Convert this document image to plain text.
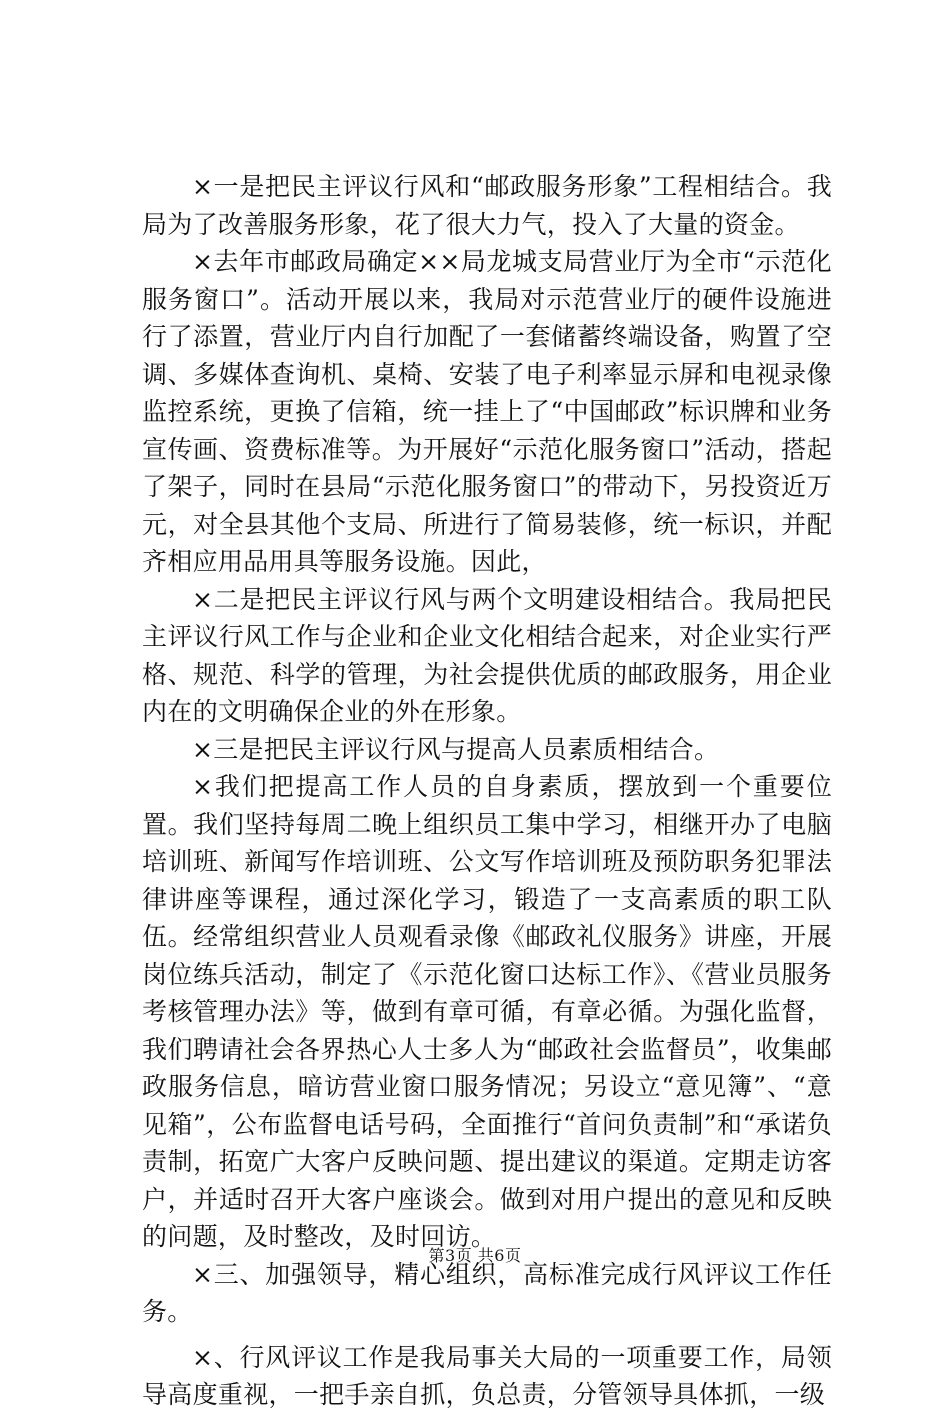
×一是把民主评议行风和“邮政服务形象”工程相结合。我局为了改善服务形象，花了很大力气，投入了大量的资金。

×去年市邮政局确定××局龙城支局营业厅为全市“示范化服务窗口”。活动开展以来，我局对示范营业厅的硬件设施进行了添置，营业厅内自行加配了一套储蓄终端设备，购置了空调、多媒体查询机、桌椅、安装了电子利率显示屏和电视录像监控系统，更换了信箱，统一挂上了“中国邮政”标识牌和业务宣传画、资费标准等。为开展好“示范化服务窗口”活动，搭起了架子，同时在县局“示范化服务窗口”的带动下，另投资近万元，对全县其他个支局、所进行了简易装修，统一标识，并配齐相应用品用具等服务设施。因此，

×二是把民主评议行风与两个文明建设相结合。我局把民主评议行风工作与企业和企业文化相结合起来，对企业实行严格、规范、科学的管理，为社会提供优质的邮政服务，用企业内在的文明确保企业的外在形象。

×三是把民主评议行风与提高人员素质相结合。

×我们把提高工作人员的自身素质，摆放到一个重要位置。我们坚持每周二晚上组织员工集中学习，相继开办了电脑培训班、新闻写作培训班、公文写作培训班及预防职务犯罪法律讲座等课程，通过深化学习，锻造了一支高素质的职工队伍。经常组织营业人员观看录像《邮政礼仪服务》讲座，开展岗位练兵活动，制定了《示范化窗口达标工作》、《营业员服务考核管理办法》等，做到有章可循，有章必循。为强化监督，我们聘请社会各界热心人士多人为“邮政社会监督员”，收集邮政服务信息，暗访营业窗口服务情况；另设立“意见簿”、“意见箱”，公布监督电话号码，全面推行“首问负责制”和“承诺负责制，拓宽广大客户反映问题、提出建议的渠道。定期走访客户，并适时召开大客户座谈会。做到对用户提出的意见和反映的问题，及时整改，及时回访。

×三、加强领导，精心组织，高标准完成行风评议工作任务。

×、行风评议工作是我局事关大局的一项重要工作，局领导高度重视，一把手亲自抓，负总责，分管领导具体抓，一级

第3页 共6页
